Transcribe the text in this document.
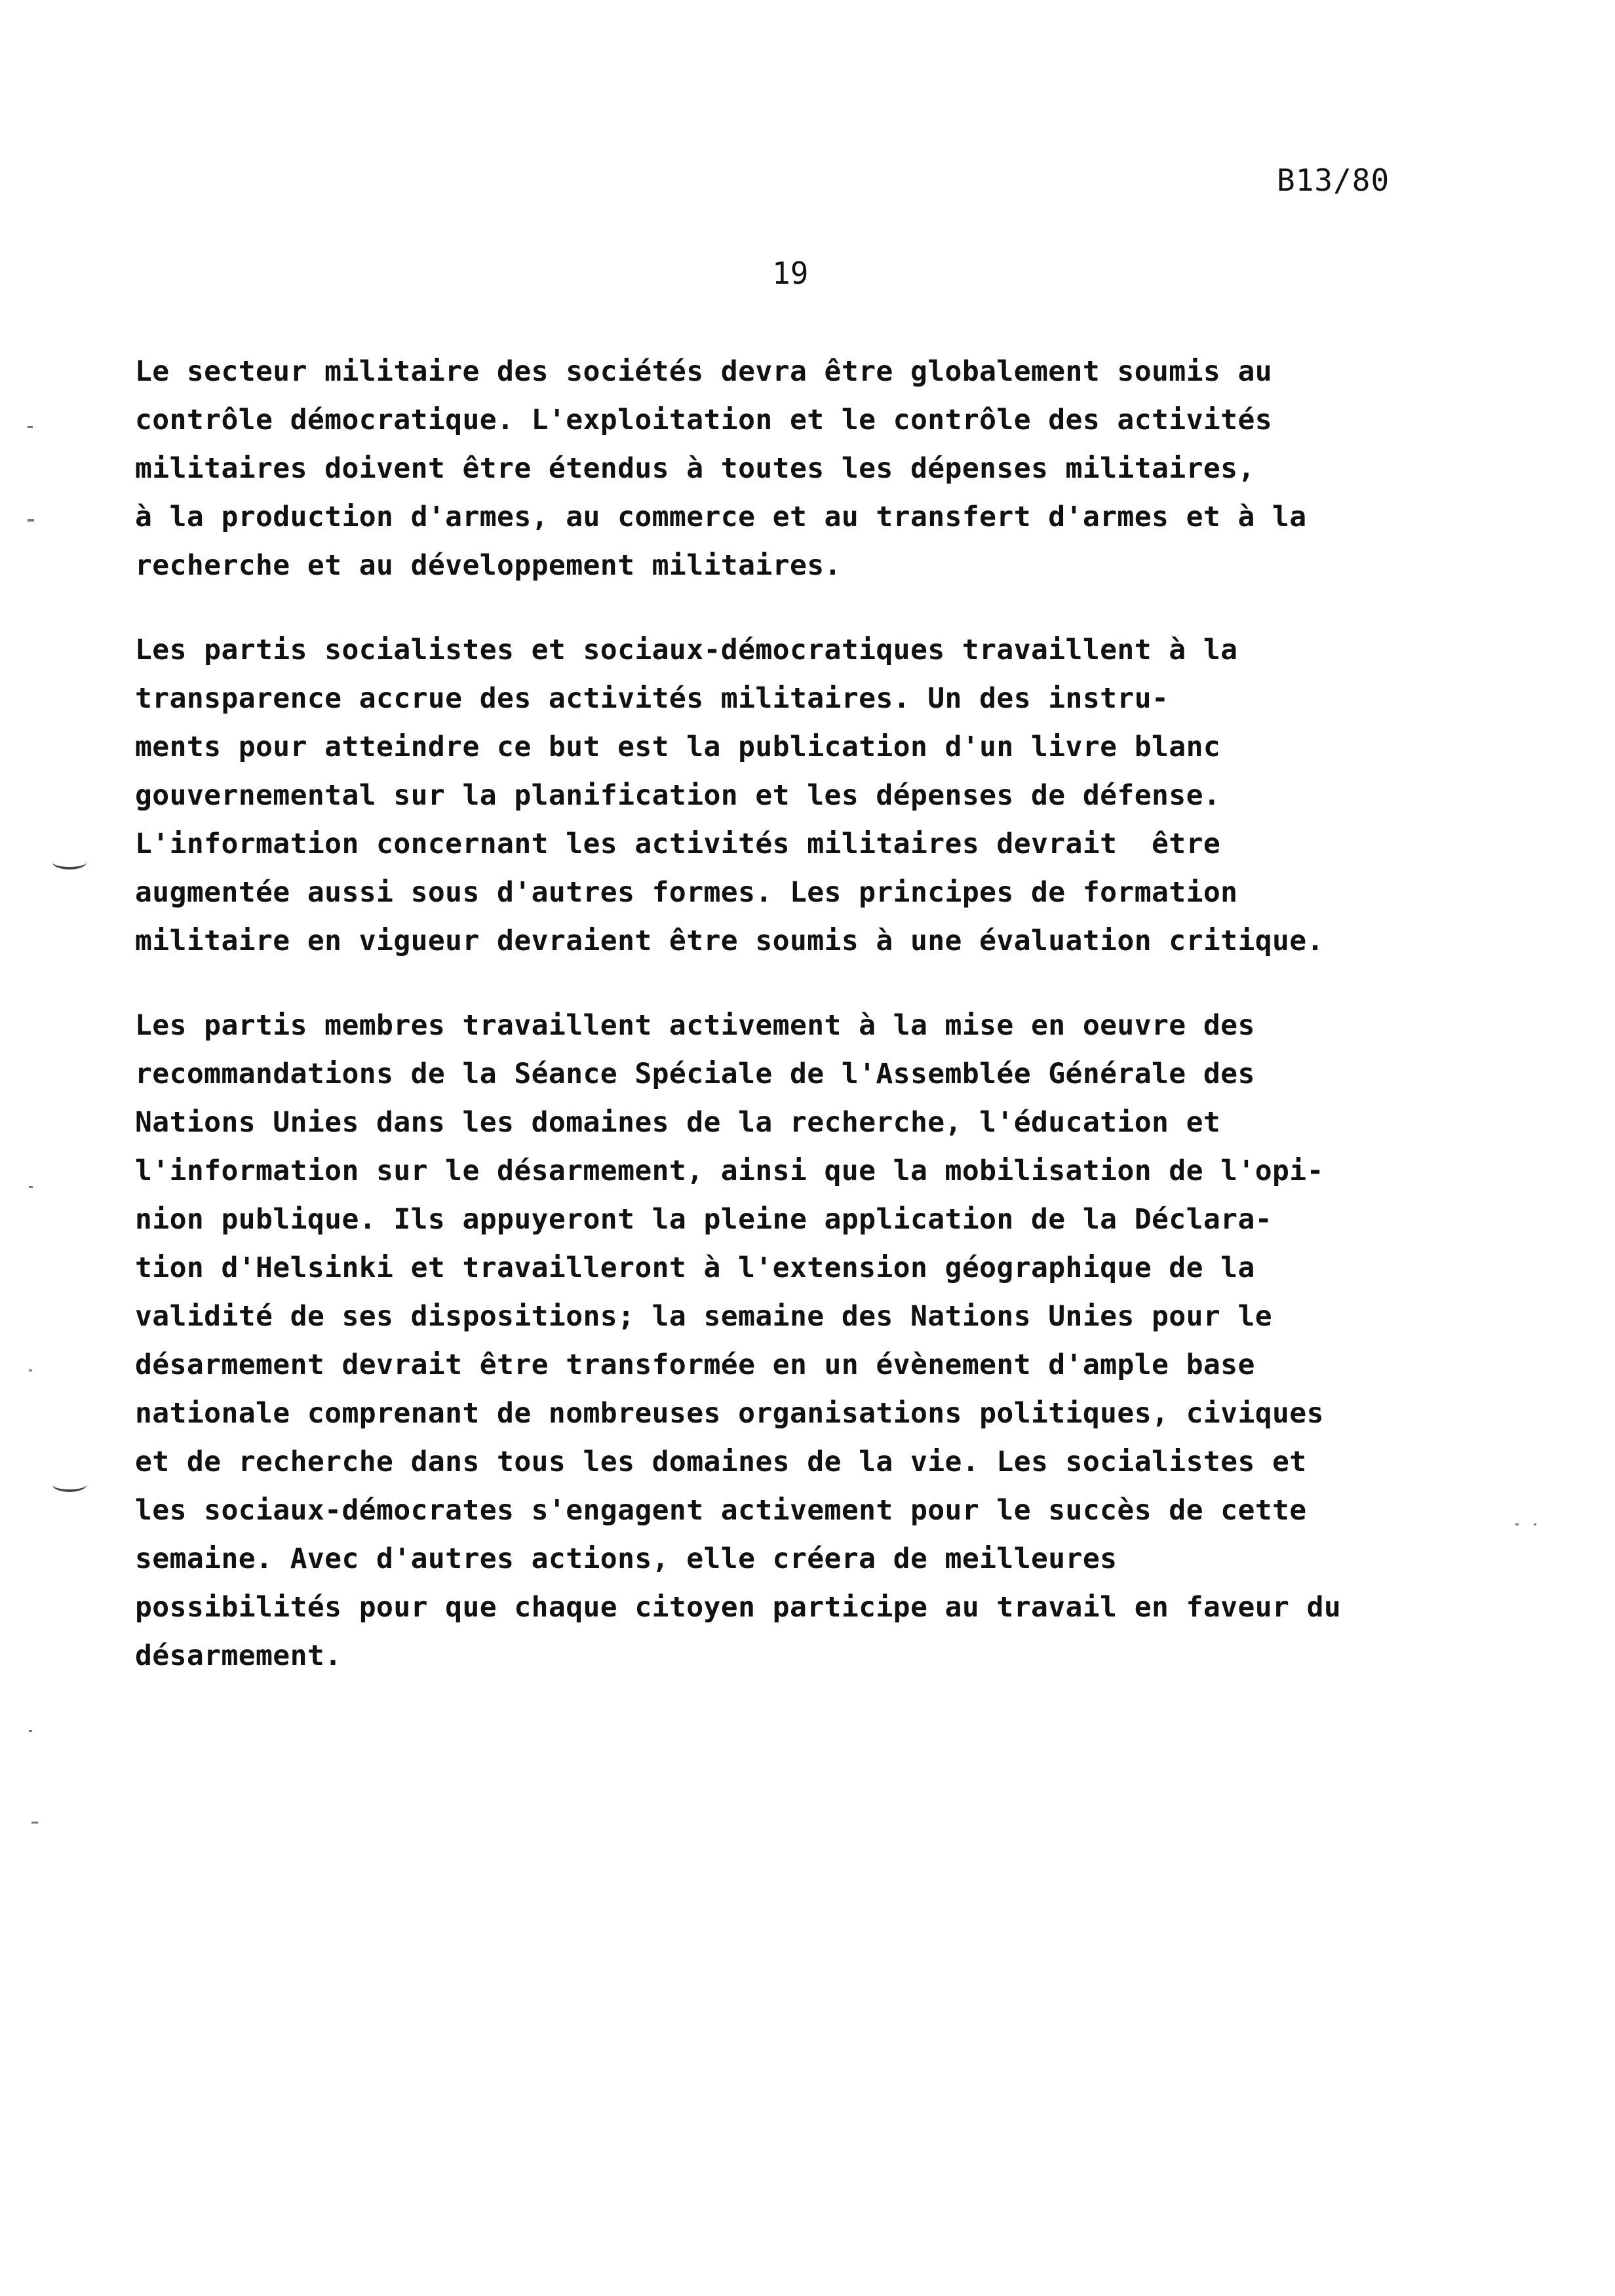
B13/80
19
Le secteur militaire des sociétés devra être globalement soumis au
contrôle démocratique. L'exploitation et le contrôle des activités
militaires doivent être étendus à toutes les dépenses militaires,
à la production d'armes, au commerce et au transfert d'armes et à la
recherche et au développement militaires.
Les partis socialistes et sociaux-démocratiques travaillent à la
transparence accrue des activités militaires. Un des instru-
ments pour atteindre ce but est la publication d'un livre blanc
gouvernemental sur la planification et les dépenses de défense.
L'information concernant les activités militaires devrait  être
augmentée aussi sous d'autres formes. Les principes de formation
militaire en vigueur devraient être soumis à une évaluation critique.
Les partis membres travaillent activement à la mise en oeuvre des
recommandations de la Séance Spéciale de l'Assemblée Générale des
Nations Unies dans les domaines de la recherche, l'éducation et
l'information sur le désarmement, ainsi que la mobilisation de l'opi-
nion publique. Ils appuyeront la pleine application de la Déclara-
tion d'Helsinki et travailleront à l'extension géographique de la
validité de ses dispositions; la semaine des Nations Unies pour le
désarmement devrait être transformée en un évènement d'ample base
nationale comprenant de nombreuses organisations politiques, civiques
et de recherche dans tous les domaines de la vie. Les socialistes et
les sociaux-démocrates s'engagent activement pour le succès de cette
semaine. Avec d'autres actions, elle créera de meilleures
possibilités pour que chaque citoyen participe au travail en faveur du
désarmement.
